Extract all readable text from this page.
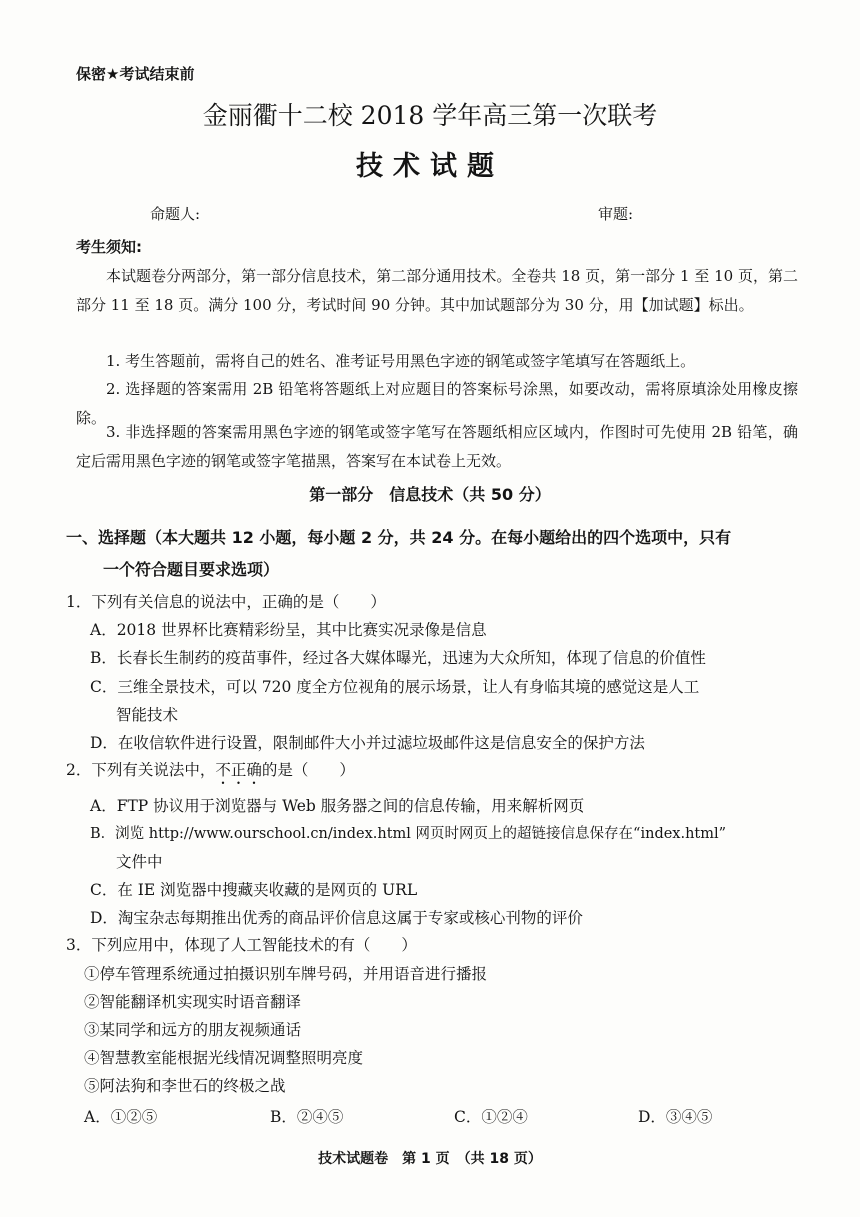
保密★考试结束前
金丽衢十二校 2018 学年高三第一次联考
技术试题
命题人:	审题:
考生须知:
本试题卷分两部分，第一部分信息技术，第二部分通用技术。全卷共 18 页，第一部分 1 至 10 页，第二部分 11 至 18 页。满分 100 分，考试时间 90 分钟。其中加试题部分为 30 分，用【加试题】标出。
1. 考生答题前，需将自己的姓名、准考证号用黑色字迹的钢笔或签字笔填写在答题纸上。
2. 选择题的答案需用 2B 铅笔将答题纸上对应题目的答案标号涂黑，如要改动，需将原填涂处用橡皮擦除。
3. 非选择题的答案需用黑色字迹的钢笔或签字笔写在答题纸相应区域内，作图时可先使用 2B 铅笔，确定后需用黑色字迹的钢笔或签字笔描黑，答案写在本试卷上无效。
第一部分　信息技术（共 50 分）
一、选择题（本大题共 12 小题，每小题 2 分，共 24 分。在每小题给出的四个选项中，只有
一个符合题目要求选项）
1．下列有关信息的说法中，正确的是（　　）
A．2018 世界杯比赛精彩纷呈，其中比赛实况录像是信息
B．长春长生制药的疫苗事件，经过各大媒体曝光，迅速为大众所知，体现了信息的价值性
C．三维全景技术，可以 720 度全方位视角的展示场景，让人有身临其境的感觉这是人工
智能技术
D．在收信软件进行设置，限制邮件大小并过滤垃圾邮件这是信息安全的保护方法
2．下列有关说法中，不正确的是（　　）
A．FTP 协议用于浏览器与 Web 服务器之间的信息传输，用来解析网页
B．浏览 http://www.ourschool.cn/index.html 网页时网页上的超链接信息保存在“index.html”
文件中
C．在 IE 浏览器中搜藏夹收藏的是网页的 URL
D．淘宝杂志每期推出优秀的商品评价信息这属于专家或核心刊物的评价
3．下列应用中，体现了人工智能技术的有（　　）
①停车管理系统通过拍摄识别车牌号码，并用语音进行播报
②智能翻译机实现实时语音翻译
③某同学和远方的朋友视频通话
④智慧教室能根据光线情况调整照明亮度
⑤阿法狗和李世石的终极之战
A．①②⑤	B．②④⑤	C．①②④	D．③④⑤
技术试题卷　第 1 页　（共 18 页）
